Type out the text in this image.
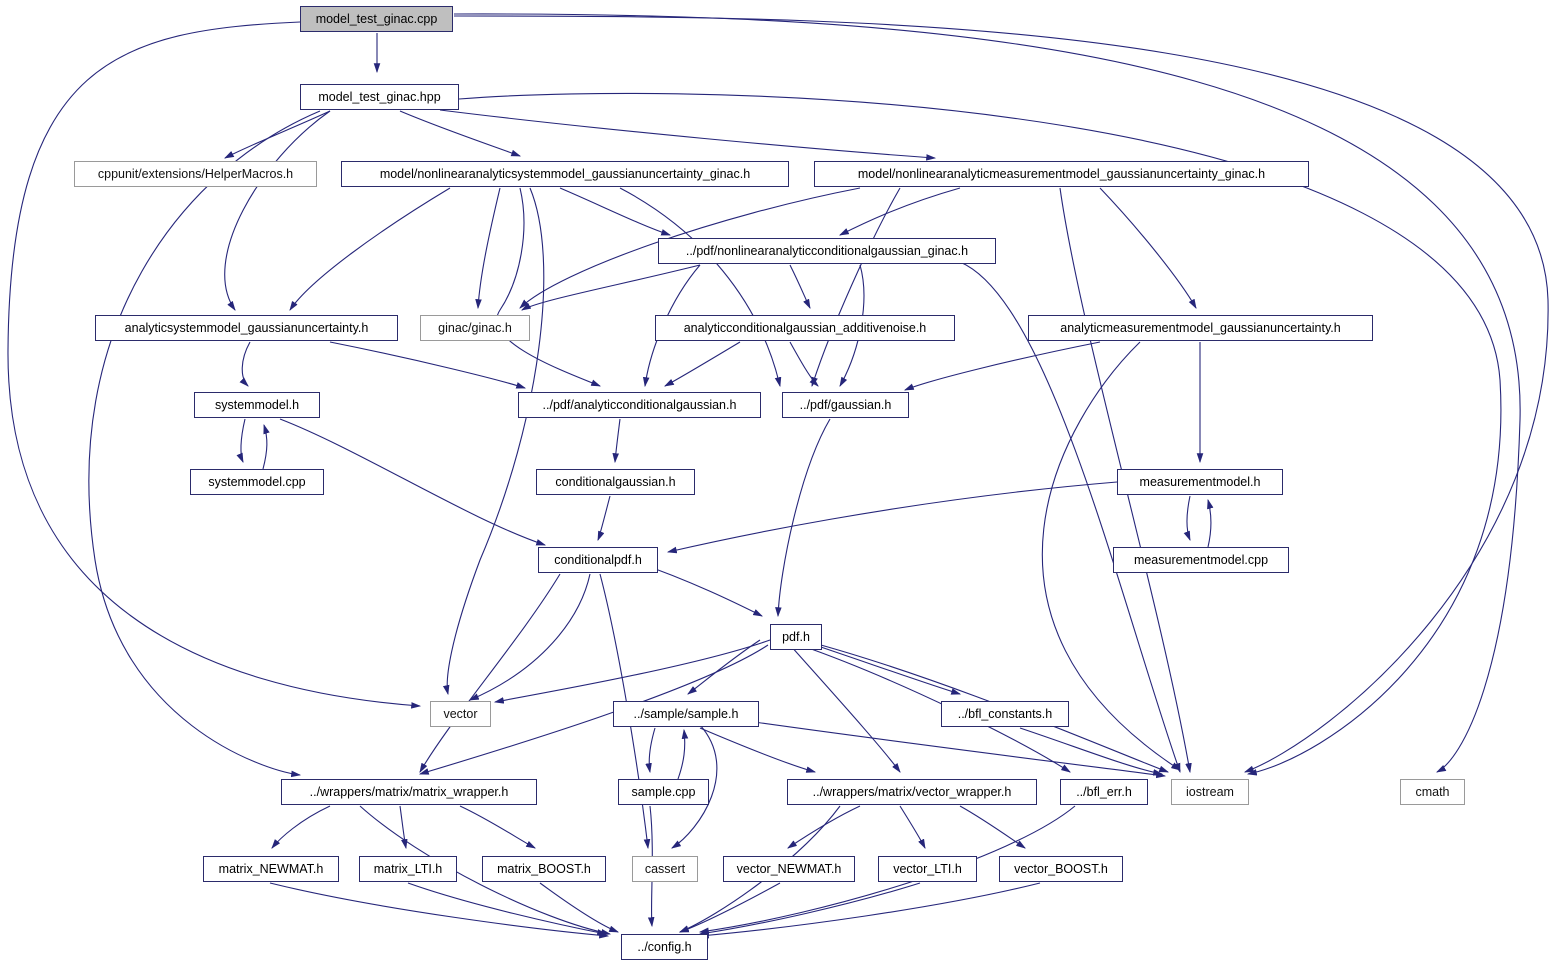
model_test_ginac.cpp
model_test_ginac.hpp
cppunit/extensions/HelperMacros.h	model/nonlinearanalyticsystemmodel_gaussianuncertainty_ginac.h	model/nonlinearanalyticmeasurementmodel_gaussianuncertainty_ginac.h
../pdf/nonlinearanalyticconditionalgaussian_ginac.h
analyticsystemmodel_gaussianuncertainty.h	ginac/ginac.h	analyticconditionalgaussian_additivenoise.h	analyticmeasurementmodel_gaussianuncertainty.h
systemmodel.h	../pdf/analyticconditionalgaussian.h	../pdf/gaussian.h
systemmodel.cpp	conditionalgaussian.h	measurementmodel.h
measurementmodel.cpp
conditionalpdf.h
pdf.h
vector	../sample/sample.h	../bfl_constants.h
../wrappers/matrix/matrix_wrapper.h	sample.cpp	../wrappers/matrix/vector_wrapper.h	../bfl_err.h	iostream	cmath
matrix_NEWMAT.h	matrix_LTI.h	matrix_BOOST.h	cassert	vector_NEWMAT.h	vector_LTI.h	vector_BOOST.h
../config.h
